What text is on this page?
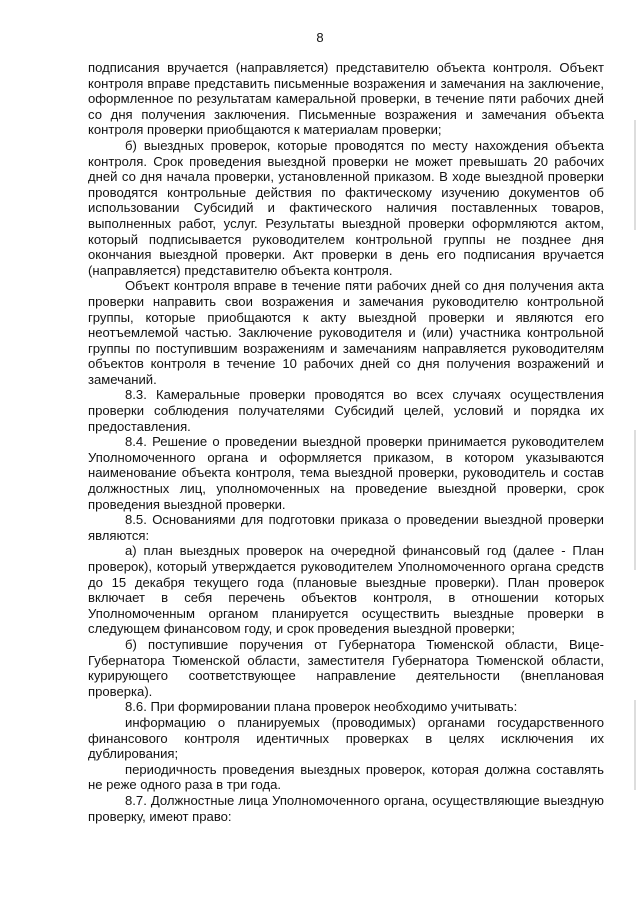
8

подписания вручается (направляется) представителю объекта контроля. Объект контроля вправе представить письменные возражения и замечания на заключение, оформленное по результатам камеральной проверки, в течение пяти рабочих дней со дня получения заключения. Письменные возражения и замечания объекта контроля проверки приобщаются к материалам проверки;

б) выездных проверок, которые проводятся по месту нахождения объекта контроля. Срок проведения выездной проверки не может превышать 20 рабочих дней со дня начала проверки, установленной приказом. В ходе выездной проверки проводятся контрольные действия по фактическому изучению документов об использовании Субсидий и фактического наличия поставленных товаров, выполненных работ, услуг. Результаты выездной проверки оформляются актом, который подписывается руководителем контрольной группы не позднее дня окончания выездной проверки. Акт проверки в день его подписания вручается (направляется) представителю объекта контроля.

Объект контроля вправе в течение пяти рабочих дней со дня получения акта проверки направить свои возражения и замечания руководителю контрольной группы, которые приобщаются к акту выездной проверки и являются его неотъемлемой частью. Заключение руководителя и (или) участника контрольной группы по поступившим возражениям и замечаниям направляется руководителям объектов контроля в течение 10 рабочих дней со дня получения возражений и замечаний.

8.3. Камеральные проверки проводятся во всех случаях осуществления проверки соблюдения получателями Субсидий целей, условий и порядка их предоставления.

8.4. Решение о проведении выездной проверки принимается руководителем Уполномоченного органа и оформляется приказом, в котором указываются наименование объекта контроля, тема выездной проверки, руководитель и состав должностных лиц, уполномоченных на проведение выездной проверки, срок проведения выездной проверки.

8.5. Основаниями для подготовки приказа о проведении выездной проверки являются:

а) план выездных проверок на очередной финансовый год (далее - План проверок), который утверждается руководителем Уполномоченного органа средств до 15 декабря текущего года (плановые выездные проверки). План проверок включает в себя перечень объектов контроля, в отношении которых Уполномоченным органом планируется осуществить выездные проверки в следующем финансовом году, и срок проведения выездной проверки;

б) поступившие поручения от Губернатора Тюменской области, Вице-Губернатора Тюменской области, заместителя Губернатора Тюменской области, курирующего соответствующее направление деятельности (внеплановая проверка).

8.6. При формировании плана проверок необходимо учитывать:

информацию о планируемых (проводимых) органами государственного финансового контроля идентичных проверках в целях исключения их дублирования;

периодичность проведения выездных проверок, которая должна составлять не реже одного раза в три года.

8.7. Должностные лица Уполномоченного органа, осуществляющие выездную проверку, имеют право:
